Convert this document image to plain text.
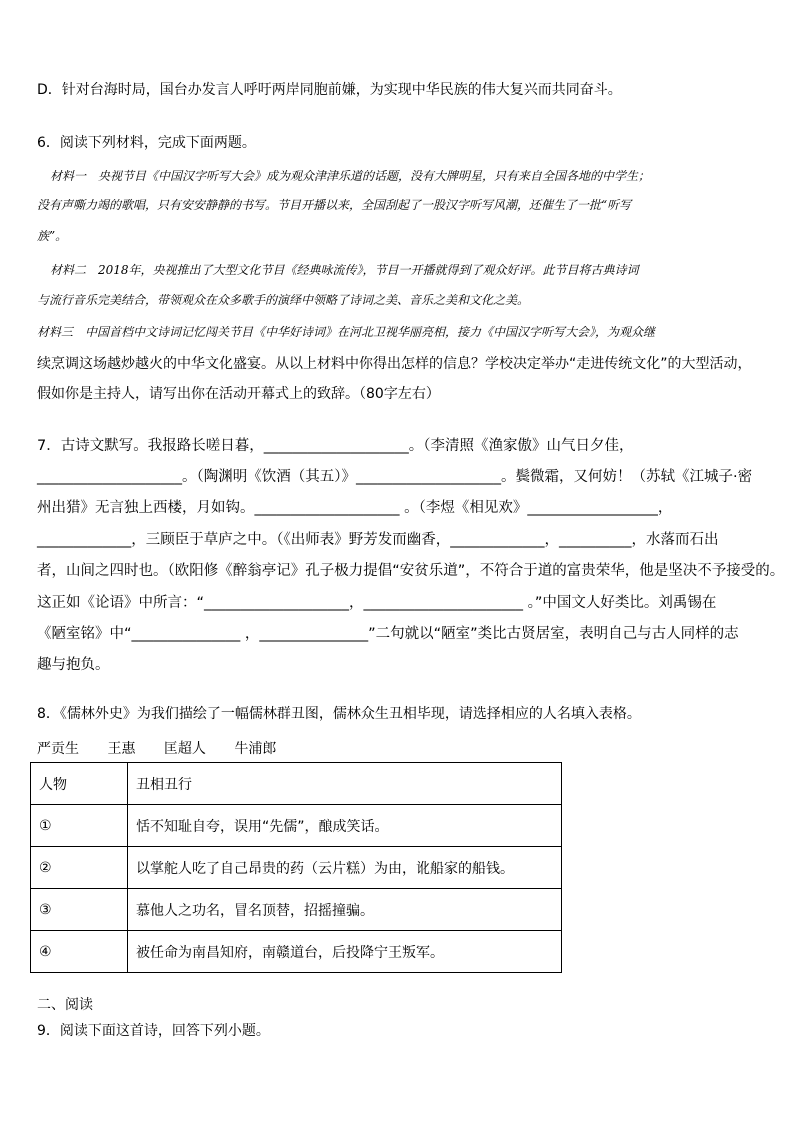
D．针对台海时局，国台办发言人呼吁两岸同胞前嫌，为实现中华民族的伟大复兴而共同奋斗。
6．阅读下列材料，完成下面两题。
材料一　央视节目《中国汉字听写大会》成为观众津津乐道的话题，没有大牌明星，只有来自全国各地的中学生；
没有声嘶力竭的歌唱，只有安安静静的书写。节目开播以来，全国刮起了一股汉字听写风潮，还催生了一批“听写
族”。
材料二　2018年，央视推出了大型文化节目《经典咏流传》，节目一开播就得到了观众好评。此节目将古典诗词
与流行音乐完美结合，带领观众在众多歌手的演绎中领略了诗词之美、音乐之美和文化之美。
材料三　中国首档中文诗词记忆闯关节目《中华好诗词》在河北卫视华丽亮相，接力《中国汉字听写大会》，为观众继
续烹调这场越炒越火的中华文化盛宴。从以上材料中你得出怎样的信息？学校决定举办“走进传统文化”的大型活动，
假如你是主持人，请写出你在活动开幕式上的致辞。（80字左右）
7．古诗文默写。我报路长嗟日暮，____________________。（李清照《渔家傲》山气日夕佳，
____________________。（陶渊明《饮酒（其五）》____________________。鬓微霜，又何妨！（苏轼《江城子·密
州出猎》无言独上西楼，月如钩。____________________ 。（李煜《相见欢》__________________，
_____________，三顾臣于草庐之中。（《出师表》野芳发而幽香，_____________，__________，水落而石出
者，山间之四时也。（欧阳修《醉翁亭记》孔子极力提倡“安贫乐道”，不符合于道的富贵荣华，他是坚决不予接受的。
这正如《论语》中所言：“____________________，______________________ 。”中国文人好类比。刘禹锡在
《陋室铭》中“_______________ ，_______________”二句就以“陋室”类比古贤居室，表明自己与古人同样的志
趣与抱负。
8．《儒林外史》为我们描绘了一幅儒林群丑图，儒林众生丑相毕现，请选择相应的人名填入表格。
严贡生 王惠 匡超人 牛浦郎
人物	丑相丑行
①	恬不知耻自夸，误用“先儒”，酿成笑话。
②	以掌舵人吃了自己昂贵的药（云片糕）为由，讹船家的船钱。
③	慕他人之功名，冒名顶替，招摇撞骗。
④	被任命为南昌知府，南赣道台，后投降宁王叛军。
二、阅读
9．阅读下面这首诗，回答下列小题。
